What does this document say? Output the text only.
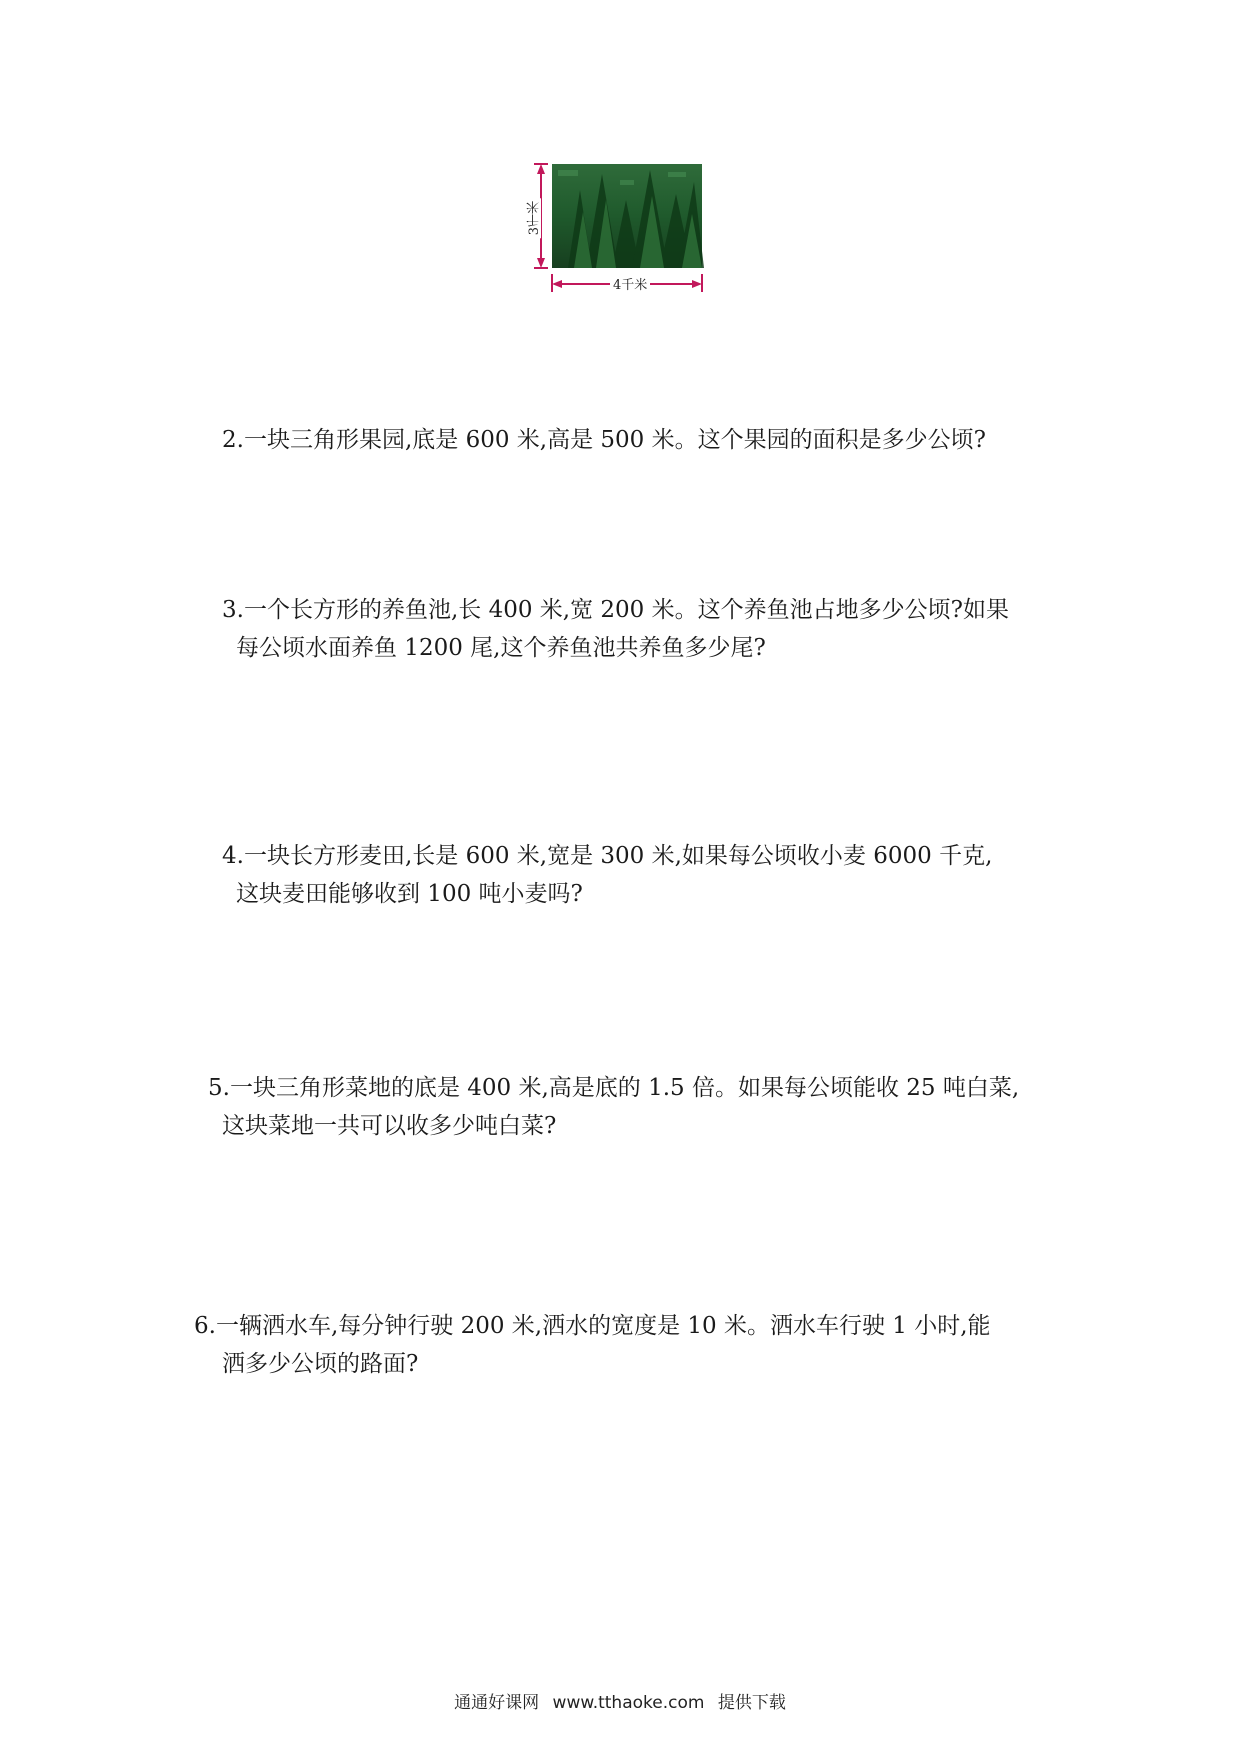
3千米
4千米
2.一块三角形果园,底是 600 米,高是 500 米。这个果园的面积是多少公顷?
3.一个长方形的养鱼池,长 400 米,宽 200 米。这个养鱼池占地多少公顷?如果
每公顷水面养鱼 1200 尾,这个养鱼池共养鱼多少尾?
4.一块长方形麦田,长是 600 米,宽是 300 米,如果每公顷收小麦 6000 千克,
这块麦田能够收到 100 吨小麦吗?
5.一块三角形菜地的底是 400 米,高是底的 1.5 倍。如果每公顷能收 25 吨白菜,
这块菜地一共可以收多少吨白菜?
6.一辆洒水车,每分钟行驶 200 米,洒水的宽度是 10 米。洒水车行驶 1 小时,能
洒多少公顷的路面?
通通好课网 www.tthaoke.com 提供下载
